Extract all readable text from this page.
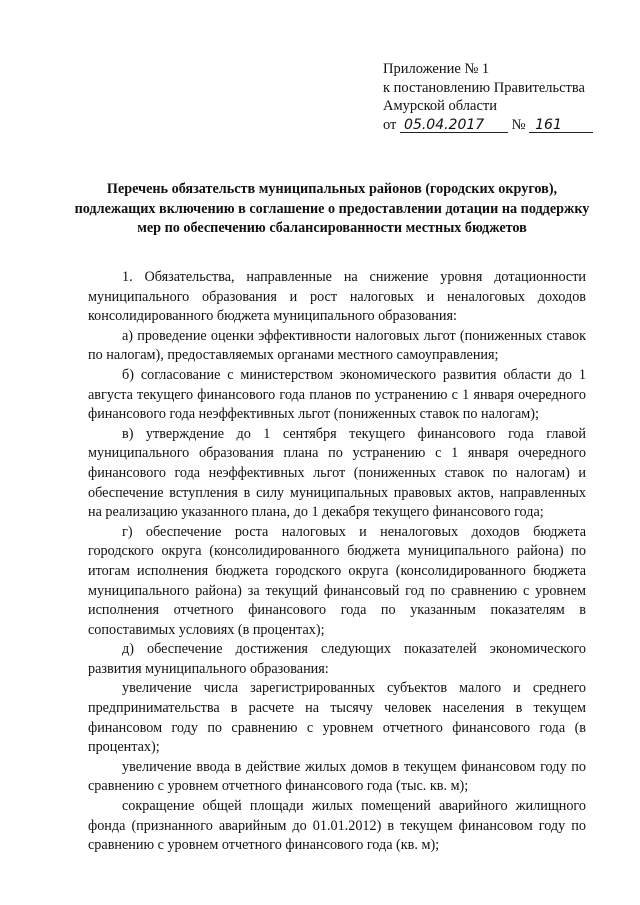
Приложение № 1
к постановлению Правительства
Амурской области
от 05.04.2017 № 161
Перечень обязательств муниципальных районов (городских округов), подлежащих включению в соглашение о предоставлении дотации на поддержку мер по обеспечению сбалансированности местных бюджетов

1. Обязательства, направленные на снижение уровня дотационности муниципального образования и рост налоговых и неналоговых доходов консолидированного бюджета муниципального образования:

а) проведение оценки эффективности налоговых льгот (пониженных ставок по налогам), предоставляемых органами местного самоуправления;

б) согласование с министерством экономического развития области до 1 августа текущего финансового года планов по устранению с 1 января очередного финансового года неэффективных льгот (пониженных ставок по налогам);

в) утверждение до 1 сентября текущего финансового года главой муниципального образования плана по устранению с 1 января очередного финансового года неэффективных льгот (пониженных ставок по налогам) и обеспечение вступления в силу муниципальных правовых актов, направленных на реализацию указанного плана, до 1 декабря текущего финансового года;

г) обеспечение роста налоговых и неналоговых доходов бюджета городского округа (консолидированного бюджета муниципального района) по итогам исполнения бюджета городского округа (консолидированного бюджета муниципального района) за текущий финансовый год по сравнению с уровнем исполнения отчетного финансового года по указанным показателям в сопоставимых условиях (в процентах);

д) обеспечение достижения следующих показателей экономического развития муниципального образования:

увеличение числа зарегистрированных субъектов малого и среднего предпринимательства в расчете на тысячу человек населения в текущем финансовом году по сравнению с уровнем отчетного финансового года (в процентах);

увеличение ввода в действие жилых домов в текущем финансовом году по сравнению с уровнем отчетного финансового года (тыс. кв. м);

сокращение общей площади жилых помещений аварийного жилищного фонда (признанного аварийным до 01.01.2012) в текущем финансовом году по сравнению с уровнем отчетного финансового года (кв. м);
